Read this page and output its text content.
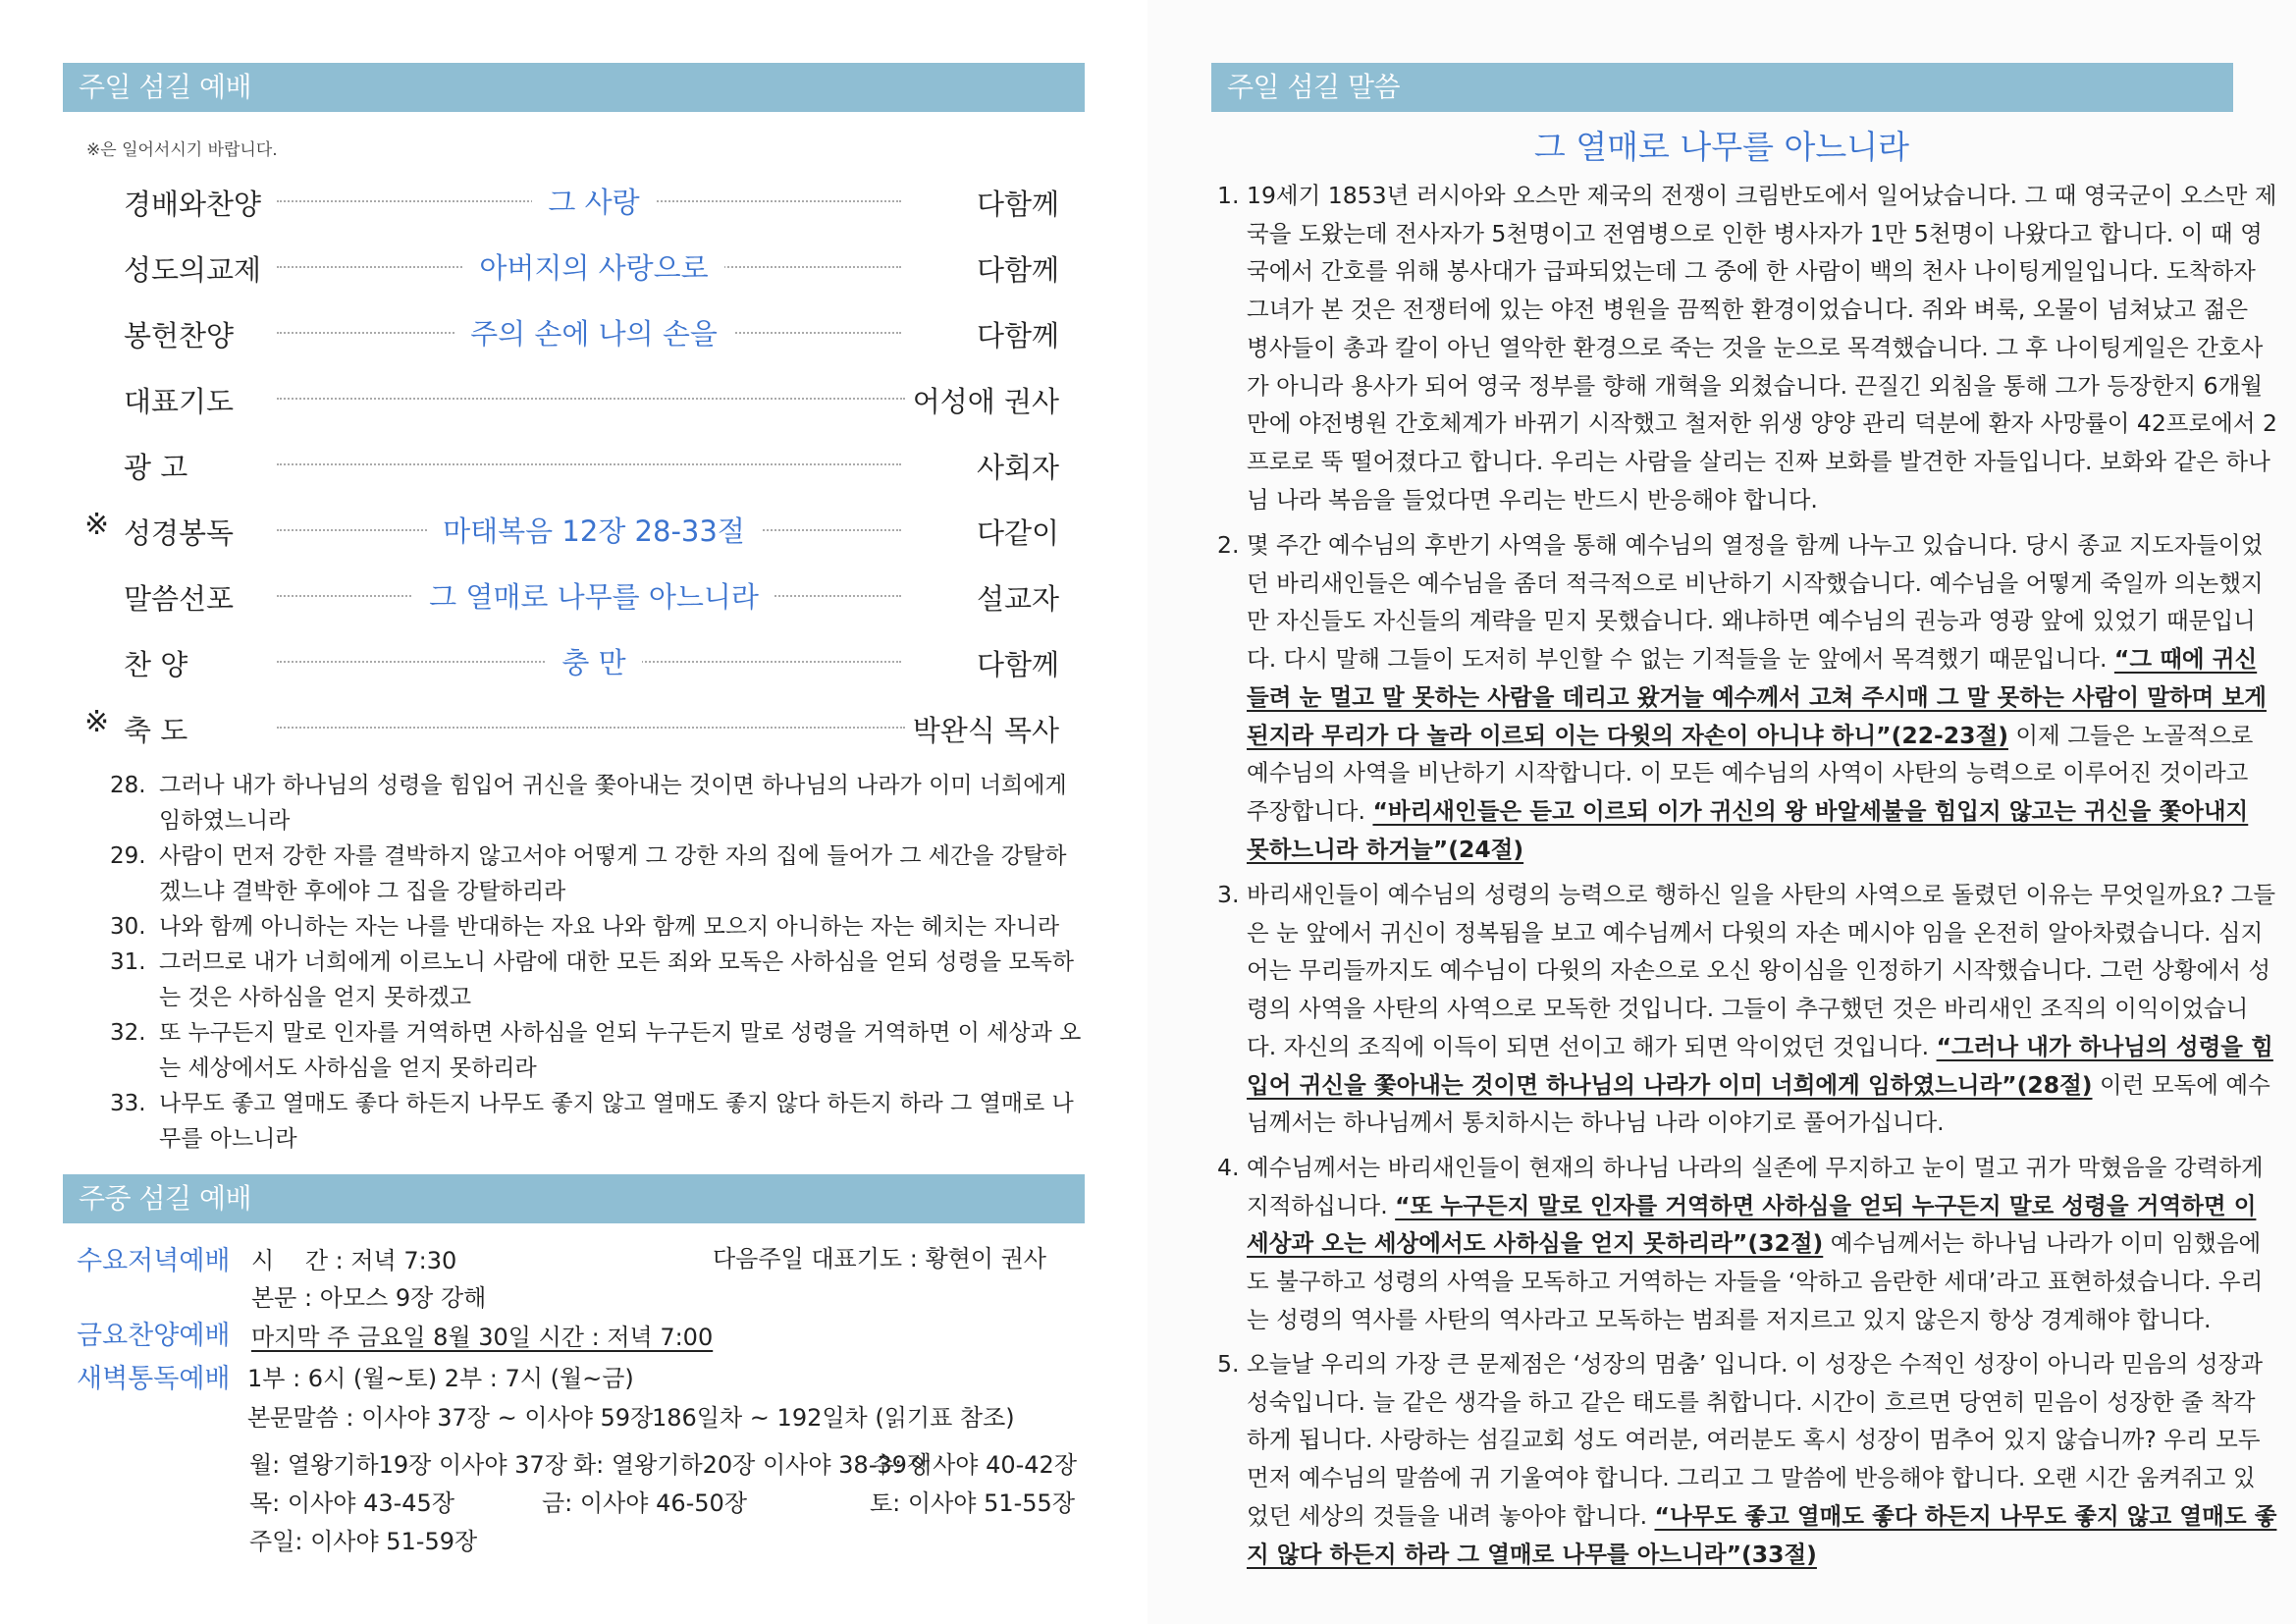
주일 섬길 예배
※은 일어서시기 바랍니다.
경배와찬양	그 사랑	다함께
성도의교제	아버지의 사랑으로	다함께
봉헌찬양	주의 손에 나의 손을	다함께
대표기도	어성애 권사
광 고	사회자
※ 성경봉독	마태복음 12장 28-33절	다같이
말씀선포	그 열매로 나무를 아느니라	설교자
찬 양	충 만	다함께
※ 축 도	박완식 목사
28. 그러나 내가 하나님의 성령을 힘입어 귀신을 쫓아내는 것이면 하나님의 나라가 이미 너희에게 임하였느니라
29. 사람이 먼저 강한 자를 결박하지 않고서야 어떻게 그 강한 자의 집에 들어가 그 세간을 강탈하겠느냐 결박한 후에야 그 집을 강탈하리라
30. 나와 함께 아니하는 자는 나를 반대하는 자요 나와 함께 모으지 아니하는 자는 헤치는 자니라
31. 그러므로 내가 너희에게 이르노니 사람에 대한 모든 죄와 모독은 사하심을 얻되 성령을 모독하는 것은 사하심을 얻지 못하겠고
32. 또 누구든지 말로 인자를 거역하면 사하심을 얻되 누구든지 말로 성령을 거역하면 이 세상과 오는 세상에서도 사하심을 얻지 못하리라
33. 나무도 좋고 열매도 좋다 하든지 나무도 좋지 않고 열매도 좋지 않다 하든지 하라 그 열매로 나무를 아느니라
주중 섬길 예배
수요저녁예배 시　 간 : 저녁 7:30	다음주일 대표기도 : 황현이 권사
본문 : 아모스 9장 강해
금요찬양예배 마지막 주 금요일 8월 30일 시간 : 저녁 7:00
새벽통독예배 1부 : 6시 (월~토) 2부 : 7시 (월~금)
본문말씀 : 이사야 37장 ~ 이사야 59장
186일차 ~ 192일차 (읽기표 참조)
월: 열왕기하19장 이사야 37장 화: 열왕기하20장 이사야 38-39장
수: 이사야 40-42장
목: 이사야 43-45장	금: 이사야 46-50장	토: 이사야 51-55장
주일: 이사야 51-59장
주일 섬길 말씀
그 열매로 나무를 아느니라
1. 19세기 1853년 러시아와 오스만 제국의 전쟁이 크림반도에서 일어났습니다. 그 때 영국군이 오스만 제국을 도왔는데 전사자가 5천명이고 전염병으로 인한 병사자가 1만 5천명이 나왔다고 합니다. 이 때 영국에서 간호를 위해 봉사대가 급파되었는데 그 중에 한 사람이 백의 천사 나이팅게일입니다. 도착하자 그녀가 본 것은 전쟁터에 있는 야전 병원을 끔찍한 환경이었습니다. 쥐와 벼룩, 오물이 넘쳐났고 젊은 병사들이 총과 칼이 아닌 열악한 환경으로 죽는 것을 눈으로 목격했습니다. 그 후 나이팅게일은 간호사가 아니라 용사가 되어 영국 정부를 향해 개혁을 외쳤습니다. 끈질긴 외침을 통해 그가 등장한지 6개월 만에 야전병원 간호체계가 바뀌기 시작했고 철저한 위생 양양 관리 덕분에 환자 사망률이 42프로에서 2프로로 뚝 떨어졌다고 합니다. 우리는 사람을 살리는 진짜 보화를 발견한 자들입니다. 보화와 같은 하나님 나라 복음을 들었다면 우리는 반드시 반응해야 합니다.
2. 몇 주간 예수님의 후반기 사역을 통해 예수님의 열정을 함께 나누고 있습니다. 당시 종교 지도자들이었던 바리새인들은 예수님을 좀더 적극적으로 비난하기 시작했습니다. 예수님을 어떻게 죽일까 의논했지만 자신들도 자신들의 계략을 믿지 못했습니다. 왜냐하면 예수님의 권능과 영광 앞에 있었기 때문입니다. 다시 말해 그들이 도저히 부인할 수 없는 기적들을 눈 앞에서 목격했기 때문입니다. “그 때에 귀신 들려 눈 멀고 말 못하는 사람을 데리고 왔거늘 예수께서 고쳐 주시매 그 말 못하는 사람이 말하며 보게 된지라 무리가 다 놀라 이르되 이는 다윗의 자손이 아니냐 하니”(22-23절) 이제 그들은 노골적으로 예수님의 사역을 비난하기 시작합니다. 이 모든 예수님의 사역이 사탄의 능력으로 이루어진 것이라고 주장합니다. “바리새인들은 듣고 이르되 이가 귀신의 왕 바알세불을 힘입지 않고는 귀신을 쫓아내지 못하느니라 하거늘”(24절)
3. 바리새인들이 예수님의 성령의 능력으로 행하신 일을 사탄의 사역으로 돌렸던 이유는 무엇일까요? 그들은 눈 앞에서 귀신이 정복됨을 보고 예수님께서 다윗의 자손 메시야 임을 온전히 알아차렸습니다. 심지어는 무리들까지도 예수님이 다윗의 자손으로 오신 왕이심을 인정하기 시작했습니다. 그런 상황에서 성령의 사역을 사탄의 사역으로 모독한 것입니다. 그들이 추구했던 것은 바리새인 조직의 이익이었습니다. 자신의 조직에 이득이 되면 선이고 해가 되면 악이었던 것입니다. “그러나 내가 하나님의 성령을 힘입어 귀신을 쫓아내는 것이면 하나님의 나라가 이미 너희에게 임하였느니라”(28절) 이런 모독에 예수님께서는 하나님께서 통치하시는 하나님 나라 이야기로 풀어가십니다.
4. 예수님께서는 바리새인들이 현재의 하나님 나라의 실존에 무지하고 눈이 멀고 귀가 막혔음을 강력하게 지적하십니다. “또 누구든지 말로 인자를 거역하면 사하심을 얻되 누구든지 말로 성령을 거역하면 이 세상과 오는 세상에서도 사하심을 얻지 못하리라”(32절) 예수님께서는 하나님 나라가 이미 임했음에도 불구하고 성령의 사역을 모독하고 거역하는 자들을 ‘악하고 음란한 세대’라고 표현하셨습니다. 우리는 성령의 역사를 사탄의 역사라고 모독하는 범죄를 저지르고 있지 않은지 항상 경계해야 합니다.
5. 오늘날 우리의 가장 큰 문제점은 ‘성장의 멈춤’ 입니다. 이 성장은 수적인 성장이 아니라 믿음의 성장과 성숙입니다. 늘 같은 생각을 하고 같은 태도를 취합니다. 시간이 흐르면 당연히 믿음이 성장한 줄 착각하게 됩니다. 사랑하는 섬길교회 성도 여러분, 여러분도 혹시 성장이 멈추어 있지 않습니까? 우리 모두 먼저 예수님의 말씀에 귀 기울여야 합니다. 그리고 그 말씀에 반응해야 합니다. 오랜 시간 움켜쥐고 있었던 세상의 것들을 내려 놓아야 합니다. “나무도 좋고 열매도 좋다 하든지 나무도 좋지 않고 열매도 좋지 않다 하든지 하라 그 열매로 나무를 아느니라”(33절)
